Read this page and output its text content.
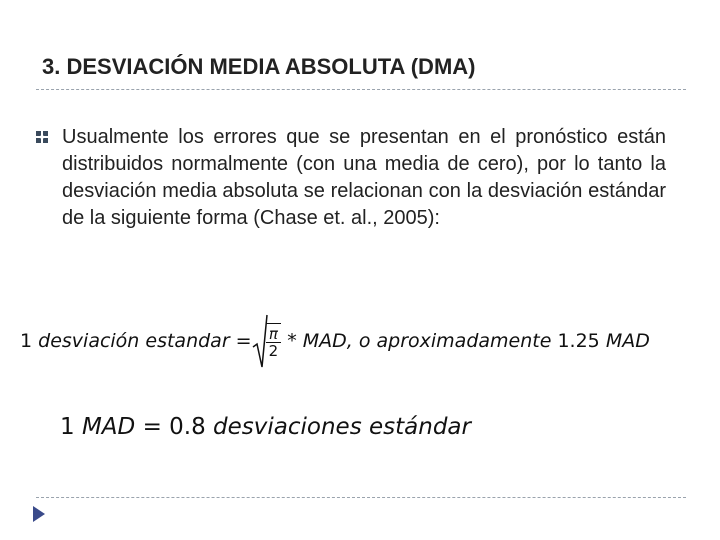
3. DESVIACIÓN MEDIA ABSOLUTA (DMA)
Usualmente los errores que se presentan en el pronóstico están distribuidos normalmente (con una media de cero), por lo tanto la desviación media absoluta se relacionan con la desviación estándar de la siguiente forma (Chase et. al., 2005):
1
desviación estandar
= $\frac{\pi}{2}$
*
MAD,
o aproximadamente
1.25
MAD
1 MAD = 0.8 desviaciones estándar
